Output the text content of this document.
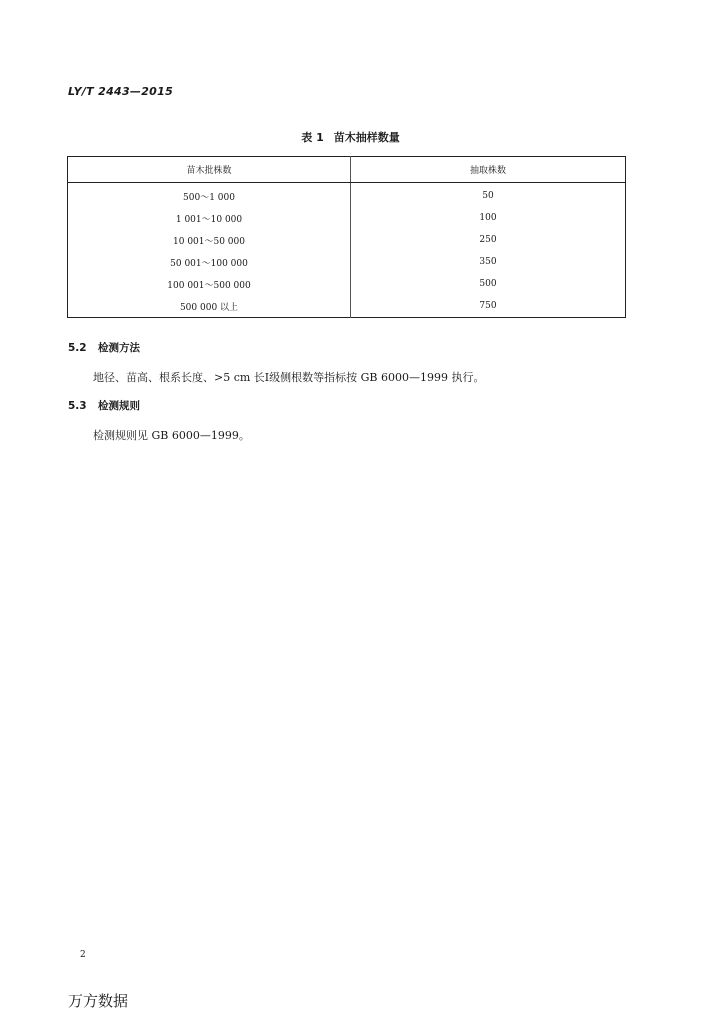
LY/T 2443—2015
表 1 苗木抽样数量
苗木批株数	抽取株数
500～1 000	50
1 001～10 000	100
10 001～50 000	250
50 001～100 000	350
100 001～500 000	500
500 000 以上	750
5.2 检测方法
地径、苗高、根系长度、>5 cm 长Ⅰ级侧根数等指标按 GB 6000—1999 执行。
5.3 检测规则
检测规则见 GB 6000—1999。
2
万方数据
